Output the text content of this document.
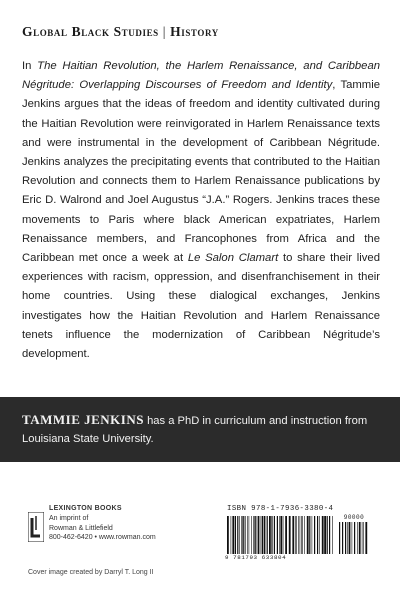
Global Black Studies | History
In The Haitian Revolution, the Harlem Renaissance, and Caribbean Négritude: Overlapping Discourses of Freedom and Identity, Tammie Jenkins argues that the ideas of freedom and identity cultivated during the Haitian Revolution were reinvigorated in Harlem Renaissance texts and were instrumental in the development of Caribbean Négritude. Jenkins analyzes the precipitating events that contributed to the Haitian Revolution and connects them to Harlem Renaissance publications by Eric D. Walrond and Joel Augustus “J.A.” Rogers. Jenkins traces these movements to Paris where black American expatriates, Harlem Renaissance members, and Francophones from Africa and the Caribbean met once a week at Le Salon Clamart to share their lived experiences with racism, oppression, and disenfranchisement in their home countries. Using these dialogical exchanges, Jenkins investigates how the Haitian Revolution and Harlem Renaissance tenets influence the modernization of Caribbean Négritude’s development.
TAMMIE JENKINS has a PhD in curriculum and instruction from Louisiana State University.
LEXINGTON BOOKS
An imprint of
Rowman & Littlefield
800-462-6420 • www.rowman.com
Cover image created by Darryl T. Long II
ISBN 978-1-7936-3380-4
90000
9 781793 633804
